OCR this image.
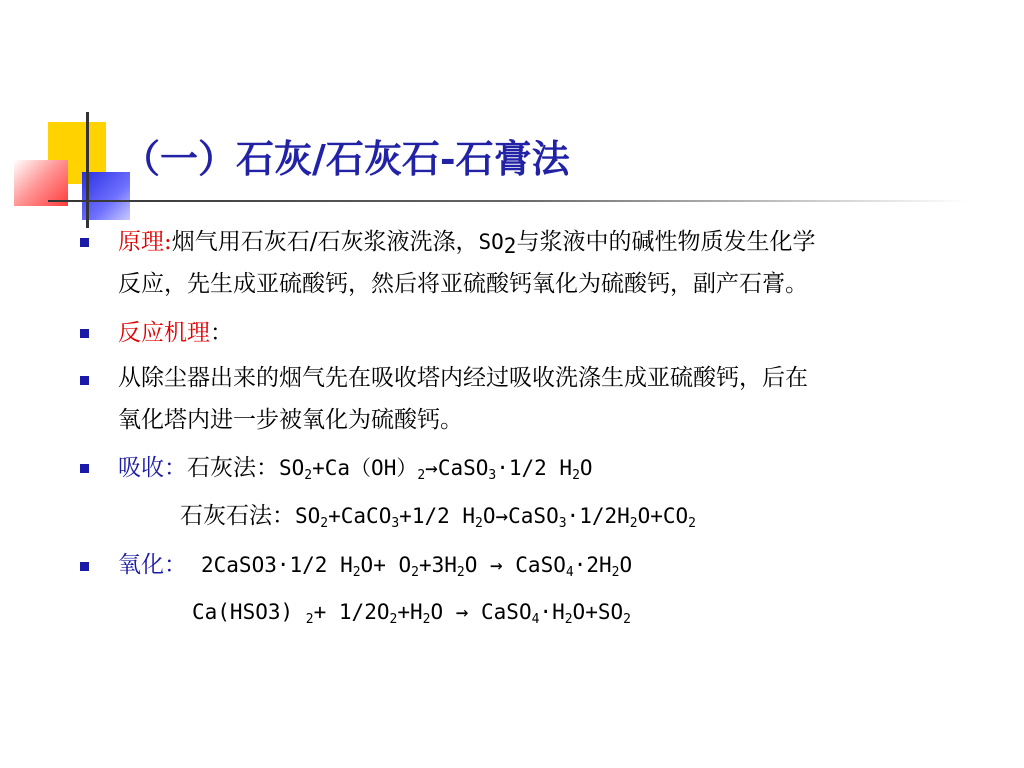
（一）石灰/石灰石-石膏法
原理:烟气用石灰石/石灰浆液洗涤，$SO_2$与浆液中的碱性物质发生化学
反应，先生成亚硫酸钙，然后将亚硫酸钙氧化为硫酸钙，副产石膏。
反应机理：
从除尘器出来的烟气先在吸收塔内经过吸收洗涤生成亚硫酸钙，后在
氧化塔内进一步被氧化为硫酸钙。
吸收：石灰法：$SO_2+Ca(OH)_2\to CaSO_3\cdot 1/2$ $H_2O$
石灰石法：$SO_2+CaCO_3+1/2$ $H_2O\to CaSO_3\cdot 1/2H_2O+CO_2$
氧化： 2CaSO3·1/2 $H_2O+ O_2+3H_2O$ → $CaSO_4\cdot 2H_2O$
Ca(HSO3) $_2+ 1/2O_2+H_2O$ → $CaSO_4\cdot H_2O+SO_2$
